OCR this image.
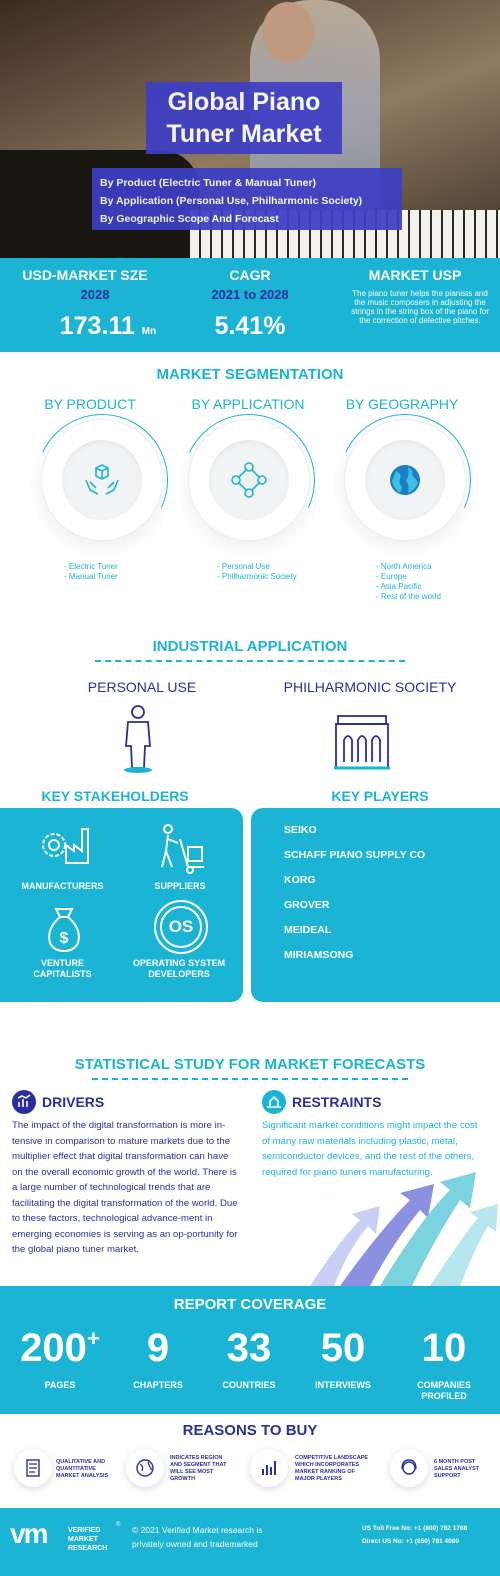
Global Piano
Tuner Market
By Product (Electric Tuner & Manual Tuner)
By Application (Personal Use, Philharmonic Society)
By Geographic Scope And Forecast
USD-MARKET SZE
2028
173.11 Mn
CAGR
2021 to 2028
5.41%
MARKET USP
The piano tuner helps the pianists and the music composers in adjusting the strings in the string box of the piano for the correction of defective pitches.
MARKET SEGMENTATION
BY PRODUCT	BY APPLICATION	BY GEOGRAPHY
- Electric Tuner
- Manual Tuner
- Personal Use
- Philharmonic Society
- North America
- Europe
- Asia Pacific
- Rest of the world
INDUSTRIAL APPLICATION
PERSONAL USE	PHILHARMONIC SOCIETY
KEY STAKEHOLDERS	KEY PLAYERS
MANUFACTURERS	SUPPLIERS
$
VENTURE
CAPITALISTS
OS
OPERATING SYSTEM
DEVELOPERS
SEIKO
SCHAFF PIANO SUPPLY CO
KORG
GROVER
MEIDEAL
MIRIAMSONG
STATISTICAL STUDY FOR MARKET FORECASTS
DRIVERS
The impact of the digital transformation is more in-tensive in comparison to mature markets due to the multiplier effect that digital transformation can have on the overall economic growth of the world. There is a large number of technological trends that are facilitating the digital transformation of the world. Due to these factors, technological advance-ment in emerging economies is serving as an op-portunity for the global piano tuner market.
RESTRAINTS
Significant market conditions might impact the cost of many raw materials including plastic, metal, semiconductor devices, and the rest of the others, required for piano tuners manufacturing.
REPORT COVERAGE
200+
PAGES
9
CHAPTERS
33
COUNTRIES
50
INTERVIEWS
10
COMPANIES
PROFILED
REASONS TO BUY
QUALITATIVE AND
QUANTITATIVE
MARKET ANALYSIS
INDICATES REGION
AND SEGMENT THAT
WILL SEE MOST
GROWTH
COMPETITIVE LANDSCAPE
WHICH INCORPORATES
MARKET RANKING OF
MAJOR PLAYERS
6 MONTH POST
SALES ANALYST
SUPPORT
vm	VERIFIED
MARKET
RESEARCH
® © 2021 Verified Market research is
privately owned and trademarked
US Toll Free No: +1 (800) 782 1768
Direct US No: +1 (650) 781 4080
